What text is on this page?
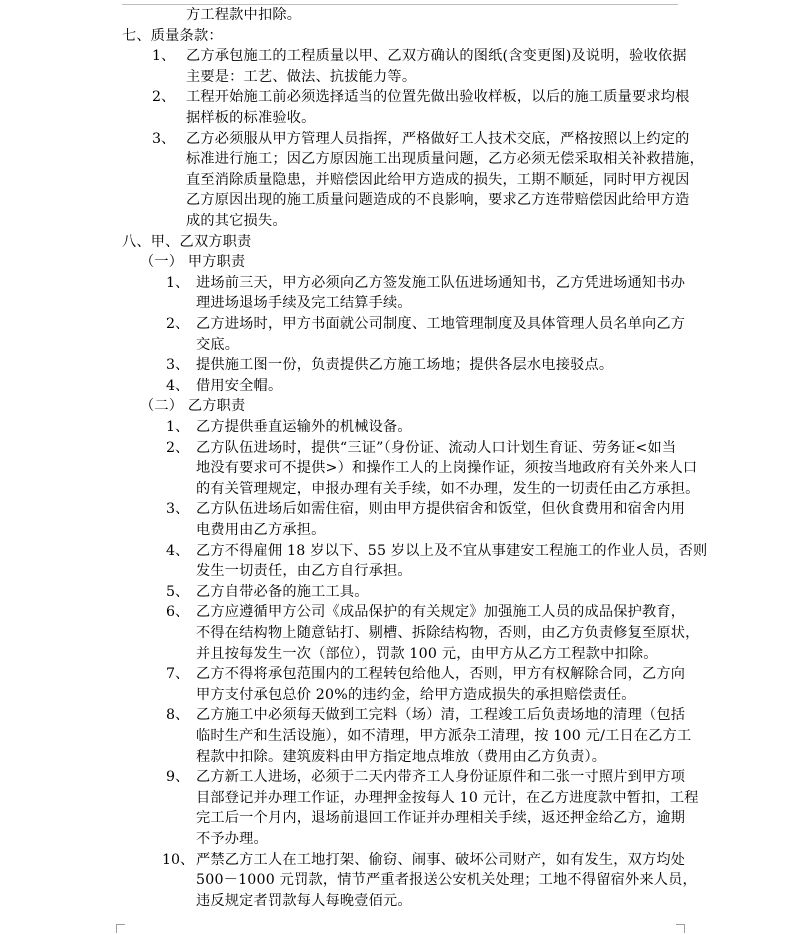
方工程款中扣除。
七、质量条款：
1、 乙方承包施工的工程质量以甲、乙双方确认的图纸(含变更图)及说明，验收依据
主要是：工艺、做法、抗拔能力等。
2、 工程开始施工前必须选择适当的位置先做出验收样板，以后的施工质量要求均根
据样板的标准验收。
3、 乙方必须服从甲方管理人员指挥，严格做好工人技术交底，严格按照以上约定的
标准进行施工；因乙方原因施工出现质量问题，乙方必须无偿采取相关补救措施，
直至消除质量隐患，并赔偿因此给甲方造成的损失，工期不顺延，同时甲方视因
乙方原因出现的施工质量问题造成的不良影响，要求乙方连带赔偿因此给甲方造
成的其它损失。
八、甲、乙双方职责
（一） 甲方职责
1、 进场前三天，甲方必须向乙方签发施工队伍进场通知书，乙方凭进场通知书办
理进场退场手续及完工结算手续。
2、 乙方进场时，甲方书面就公司制度、工地管理制度及具体管理人员名单向乙方
交底。
3、 提供施工图一份，负责提供乙方施工场地；提供各层水电接驳点。
4、 借用安全帽。
（二） 乙方职责
1、 乙方提供垂直运输外的机械设备。
2、 乙方队伍进场时，提供“三证”（身份证、流动人口计划生育证、劳务证<如当
地没有要求可不提供>）和操作工人的上岗操作证，须按当地政府有关外来人口
的有关管理规定，申报办理有关手续，如不办理，发生的一切责任由乙方承担。
3、 乙方队伍进场后如需住宿，则由甲方提供宿舍和饭堂，但伙食费用和宿舍内用
电费用由乙方承担。
4、 乙方不得雇佣 18 岁以下、55 岁以上及不宜从事建安工程施工的作业人员，否则
发生一切责任，由乙方自行承担。
5、 乙方自带必备的施工工具。
6、 乙方应遵循甲方公司《成品保护的有关规定》加强施工人员的成品保护教育，
不得在结构物上随意钻打、剔槽、拆除结构物，否则，由乙方负责修复至原状，
并且按每发生一次（部位），罚款 100 元，由甲方从乙方工程款中扣除。
7、 乙方不得将承包范围内的工程转包给他人，否则，甲方有权解除合同，乙方向
甲方支付承包总价 20%的违约金，给甲方造成损失的承担赔偿责任。
8、 乙方施工中必须每天做到工完料（场）清，工程竣工后负责场地的清理（包括
临时生产和生活设施），如不清理，甲方派杂工清理，按 100 元/工日在乙方工
程款中扣除。建筑废料由甲方指定地点堆放（费用由乙方负责）。
9、 乙方新工人进场，必须于二天内带齐工人身份证原件和二张一寸照片到甲方项
目部登记并办理工作证，办理押金按每人 10 元计，在乙方进度款中暂扣，工程
完工后一个月内，退场前退回工作证并办理相关手续，返还押金给乙方，逾期
不予办理。
10、 严禁乙方工人在工地打架、偷窃、闹事、破坏公司财产，如有发生，双方均处
500－1000 元罚款，情节严重者报送公安机关处理；工地不得留宿外来人员，
违反规定者罚款每人每晚壹佰元。
